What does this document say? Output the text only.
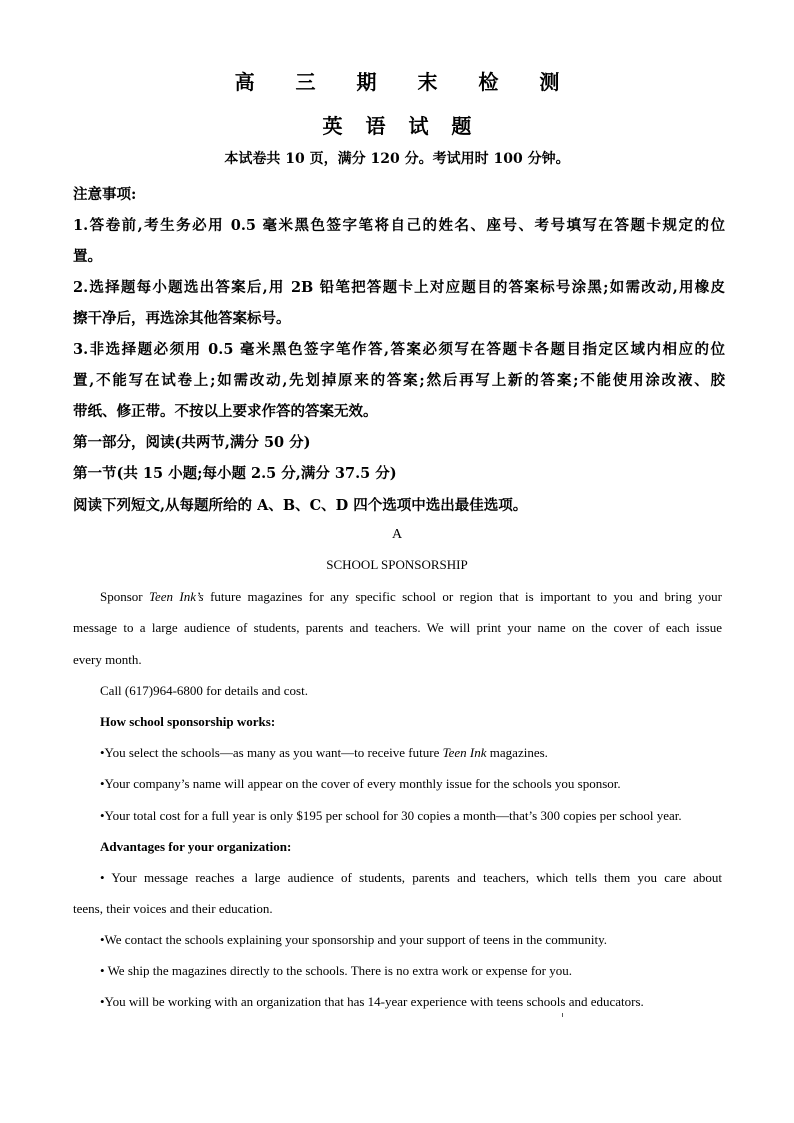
高 三 期 末 检 测
英 语 试 题
本试卷共 10 页，满分 120 分。考试用时 100 分钟。
注意事项:
1.答卷前,考生务必用 0.5 毫米黑色签字笔将自己的姓名、座号、考号填写在答题卡规定的位
置。
2.选择题每小题选出答案后,用 2B 铅笔把答题卡上对应题目的答案标号涂黑;如需改动,用橡皮
擦干净后，再选涂其他答案标号。
3.非选择题必须用 0.5 毫米黑色签字笔作答,答案必须写在答题卡各题目指定区域内相应的位
置,不能写在试卷上;如需改动,先划掉原来的答案;然后再写上新的答案;不能使用涂改液、胶
带纸、修正带。不按以上要求作答的答案无效。
第一部分，阅读(共两节,满分 50 分)
第一节(共 15 小题;每小题 2.5 分,满分 37.5 分)
阅读下列短文,从每题所给的 A、B、C、D 四个选项中选出最佳选项。
A
SCHOOL SPONSORSHIP
Sponsor Teen Ink’s future magazines for any specific school or region that is important to you and bring your
message to a large audience of students, parents and teachers. We will print your name on the cover of each issue
every month.
Call (617)964-6800 for details and cost.
How school sponsorship works:
•You select the schools—as many as you want—to receive future Teen Ink magazines.
•Your company’s name will appear on the cover of every monthly issue for the schools you sponsor.
•Your total cost for a full year is only $195 per school for 30 copies a month—that’s 300 copies per school year.
Advantages for your organization:
• Your message reaches a large audience of students, parents and teachers, which tells them you care about
teens, their voices and their education.
•We contact the schools explaining your sponsorship and your support of teens in the community.
• We ship the magazines directly to the schools. There is no extra work or expense for you.
•You will be working with an organization that has 14-year experience with teens schools and educators.
